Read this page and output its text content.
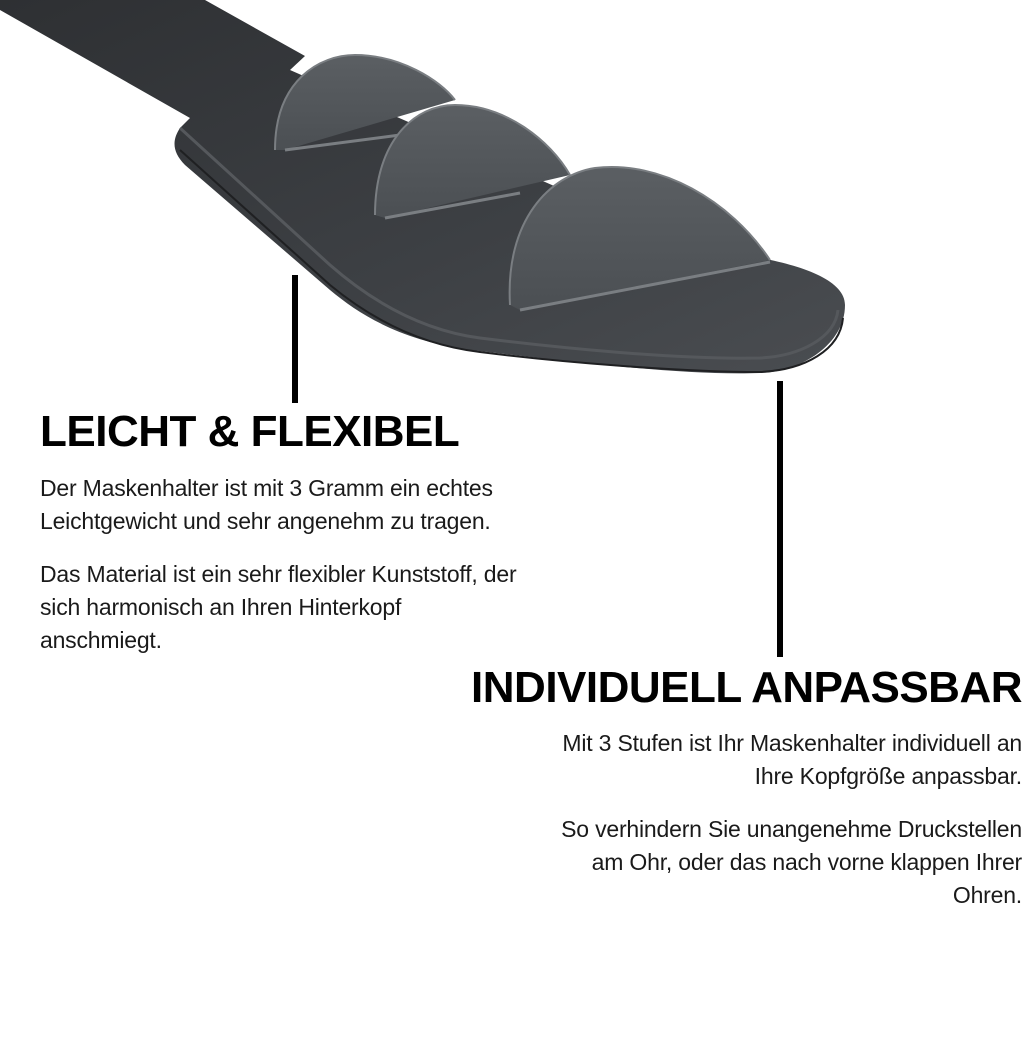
LEICHT & FLEXIBEL

Der Maskenhalter ist mit 3 Gramm ein echtes
Leichtgewicht und sehr angenehm zu tragen.

Das Material ist ein sehr flexibler Kunststoff, der
sich harmonisch an Ihren Hinterkopf
anschmiegt.

INDIVIDUELL ANPASSBAR

Mit 3 Stufen ist Ihr Maskenhalter individuell an
Ihre Kopfgröße anpassbar.

So verhindern Sie unangenehme Druckstellen
am Ohr, oder das nach vorne klappen Ihrer
Ohren.
